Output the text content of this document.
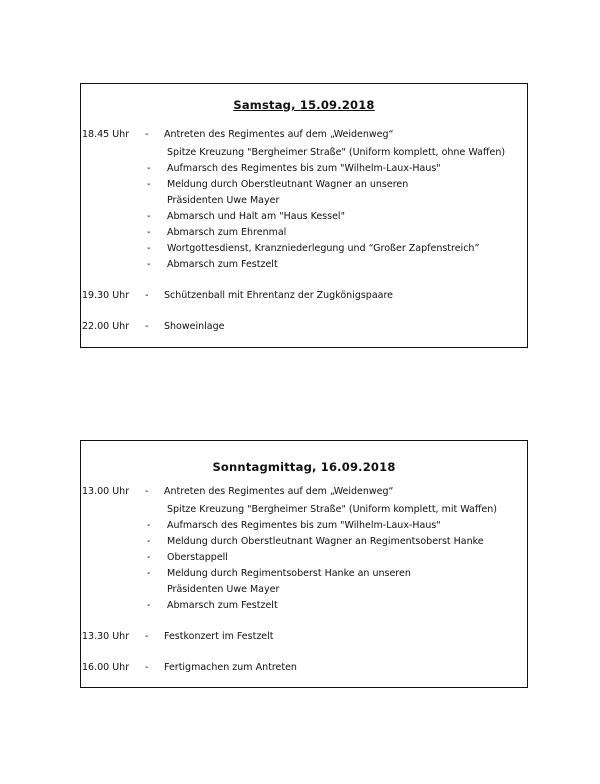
Samstag, 15.09.2018
18.45 Uhr - Antreten des Regimentes auf dem „Weidenweg“
Spitze Kreuzung "Bergheimer Straße" (Uniform komplett, ohne Waffen)
- Aufmarsch des Regimentes bis zum "Wilhelm-Laux-Haus"
- Meldung durch Oberstleutnant Wagner an unseren
Präsidenten Uwe Mayer
- Abmarsch und Halt am "Haus Kessel"
- Abmarsch zum Ehrenmal
- Wortgottesdienst, Kranzniederlegung und “Großer Zapfenstreich”
- Abmarsch zum Festzelt
19.30 Uhr - Schützenball mit Ehrentanz der Zugkönigspaare
22.00 Uhr - Showeinlage
Sonntagmittag, 16.09.2018
13.00 Uhr - Antreten des Regimentes auf dem „Weidenweg“
Spitze Kreuzung "Bergheimer Straße" (Uniform komplett, mit Waffen)
- Aufmarsch des Regimentes bis zum "Wilhelm-Laux-Haus"
- Meldung durch Oberstleutnant Wagner an Regimentsoberst Hanke
- Oberstappell
- Meldung durch Regimentsoberst Hanke an unseren
Präsidenten Uwe Mayer
- Abmarsch zum Festzelt
13.30 Uhr - Festkonzert im Festzelt
16.00 Uhr - Fertigmachen zum Antreten
